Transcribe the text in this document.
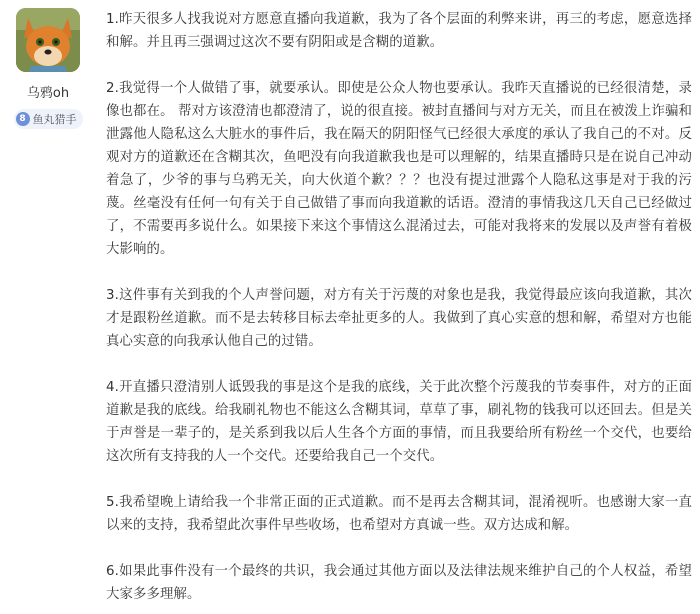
乌鸦oh
8 鱼丸猎手

1.昨天很多人找我说对方愿意直播向我道歉，我为了各个层面的利弊来讲，再三的考虑，愿意选择和解。并且再三强调过这次不要有阴阳或是含糊的道歉。

2.我觉得一个人做错了事，就要承认。即使是公众人物也要承认。我昨天直播说的已经很清楚，录像也都在。 帮对方该澄清也都澄清了，说的很直接。被封直播间与对方无关，而且在被泼上诈骗和泄露他人隐私这么大脏水的事件后，我在隔天的阴阳怪气已经很大承度的承认了我自己的不对。反观对方的道歉还在含糊其次，鱼吧没有向我道歉我也是可以理解的，结果直播時只是在说自己冲动着急了，少爷的事与乌鸦无关，向大伙道个歉？？？也没有提过泄露个人隐私这事是对于我的污蔑。丝毫没有任何一句有关于自己做错了事而向我道歉的话语。澄清的事情我这几天自己已经做过了，不需要再多说什么。如果接下来这个事情这么混淆过去，可能对我将来的发展以及声誉有着极大影响的。

3.这件事有关到我的个人声誉问题，对方有关于污蔑的对象也是我，我觉得最应该向我道歉，其次才是跟粉丝道歉。而不是去转移目标去牵扯更多的人。我做到了真心实意的想和解，希望对方也能真心实意的向我承认他自己的过错。

4.开直播只澄清别人诋毁我的事是这个是我的底线，关于此次整个污蔑我的节奏事件，对方的正面道歉是我的底线。给我刷礼物也不能这么含糊其词，草草了事，刷礼物的钱我可以还回去。但是关于声誉是一辈子的，是关系到我以后人生各个方面的事情，而且我要给所有粉丝一个交代，也要给这次所有支持我的人一个交代。还要给我自己一个交代。

5.我希望晚上请给我一个非常正面的正式道歉。而不是再去含糊其词，混淆视听。也感谢大家一直以来的支持，我希望此次事件早些收场，也希望对方真诚一些。双方达成和解。

6.如果此事件没有一个最终的共识，我会通过其他方面以及法律法规来维护自己的个人权益，希望大家多多理解。
